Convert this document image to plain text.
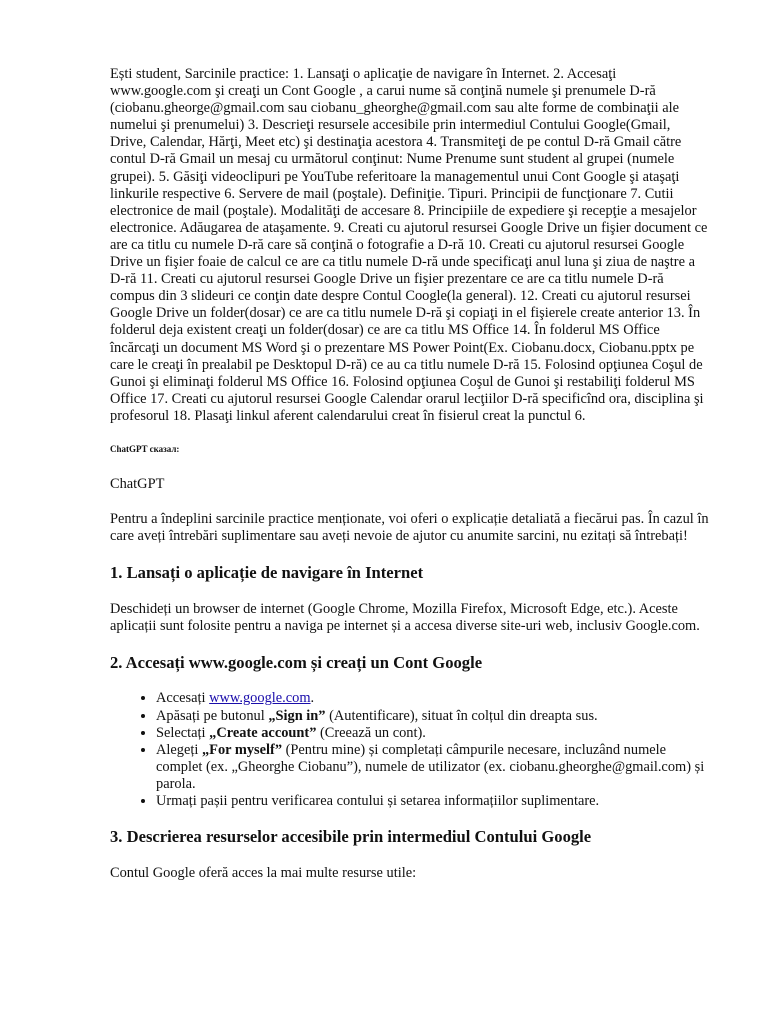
Ești student, Sarcinile practice: 1. Lansaţi o aplicaţie de navigare în Internet. 2. Accesaţi www.google.com şi creaţi un Cont Google , a carui nume să conţină numele şi prenumele D-ră (ciobanu.gheorge@gmail.com sau ciobanu_gheorghe@gmail.com sau alte forme de combinaţii ale numelui şi prenumelui) 3. Descrieţi resursele accesibile prin intermediul Contului Google(Gmail, Drive, Calendar, Hărţi, Meet etc) şi destinaţia acestora 4. Transmiteţi de pe contul D-ră Gmail către contul D-ră Gmail un mesaj cu următorul conţinut: Nume Prenume sunt student al grupei (numele grupei). 5. Găsiţi videoclipuri pe YouTube referitoare la managementul unui Cont Google şi ataşaţi linkurile respective 6. Servere de mail (poştale). Definiţie. Tipuri. Principii de funcţionare 7. Cutii electronice de mail (poştale). Modalităţi de accesare 8. Principiile de expediere şi recepţie a mesajelor electronice. Adăugarea de ataşamente. 9. Creati cu ajutorul resursei Google Drive un fişier document ce are ca titlu cu numele D-ră care să conţină o fotografie a D-ră 10. Creati cu ajutorul resursei Google Drive un fişier foaie de calcul ce are ca titlu numele D-ră unde specificaţi anul luna şi ziua de naştre a D-ră 11. Creati cu ajutorul resursei Google Drive un fişier prezentare ce are ca titlu numele D-ră compus din 3 slideuri ce conţin date despre Contul Coogle(la general). 12. Creati cu ajutorul resursei Google Drive un folder(dosar) ce are ca titlu numele D-ră şi copiaţi in el fişierele create anterior 13. În folderul deja existent creaţi un folder(dosar) ce are ca titlu MS Office 14. În folderul MS Office încărcaţi un document MS Word şi o prezentare MS Power Point(Ex. Ciobanu.docx, Ciobanu.pptx pe care le creaţi în prealabil pe Desktopul D-ră) ce au ca titlu numele D-ră 15. Folosind opţiunea Coşul de Gunoi şi eliminaţi folderul MS Office 16. Folosind opţiunea Coşul de Gunoi şi restabiliţi folderul MS Office 17. Creati cu ajutorul resursei Google Calendar orarul lecţiilor D-ră specificînd ora, disciplina şi profesorul 18. Plasaţi linkul aferent calendarului creat în fisierul creat la punctul 6.

ChatGPT сказал:

ChatGPT

Pentru a îndeplini sarcinile practice menționate, voi oferi o explicație detaliată a fiecărui pas. În cazul în care aveți întrebări suplimentare sau aveți nevoie de ajutor cu anumite sarcini, nu ezitați să întrebați!

1. Lansați o aplicație de navigare în Internet

Deschideți un browser de internet (Google Chrome, Mozilla Firefox, Microsoft Edge, etc.). Aceste aplicații sunt folosite pentru a naviga pe internet și a accesa diverse site-uri web, inclusiv Google.com.

2. Accesați www.google.com și creați un Cont Google
• Accesați www.google.com.
• Apăsați pe butonul „Sign in” (Autentificare), situat în colțul din dreapta sus.
• Selectați „Create account” (Creează un cont).
• Alegeți „For myself” (Pentru mine) și completați câmpurile necesare, incluzând numele complet (ex. „Gheorghe Ciobanu”), numele de utilizator (ex. ciobanu.gheorghe@gmail.com) și parola.
• Urmați pașii pentru verificarea contului și setarea informațiilor suplimentare.
3. Descrierea resurselor accesibile prin intermediul Contului Google

Contul Google oferă acces la mai multe resurse utile:
